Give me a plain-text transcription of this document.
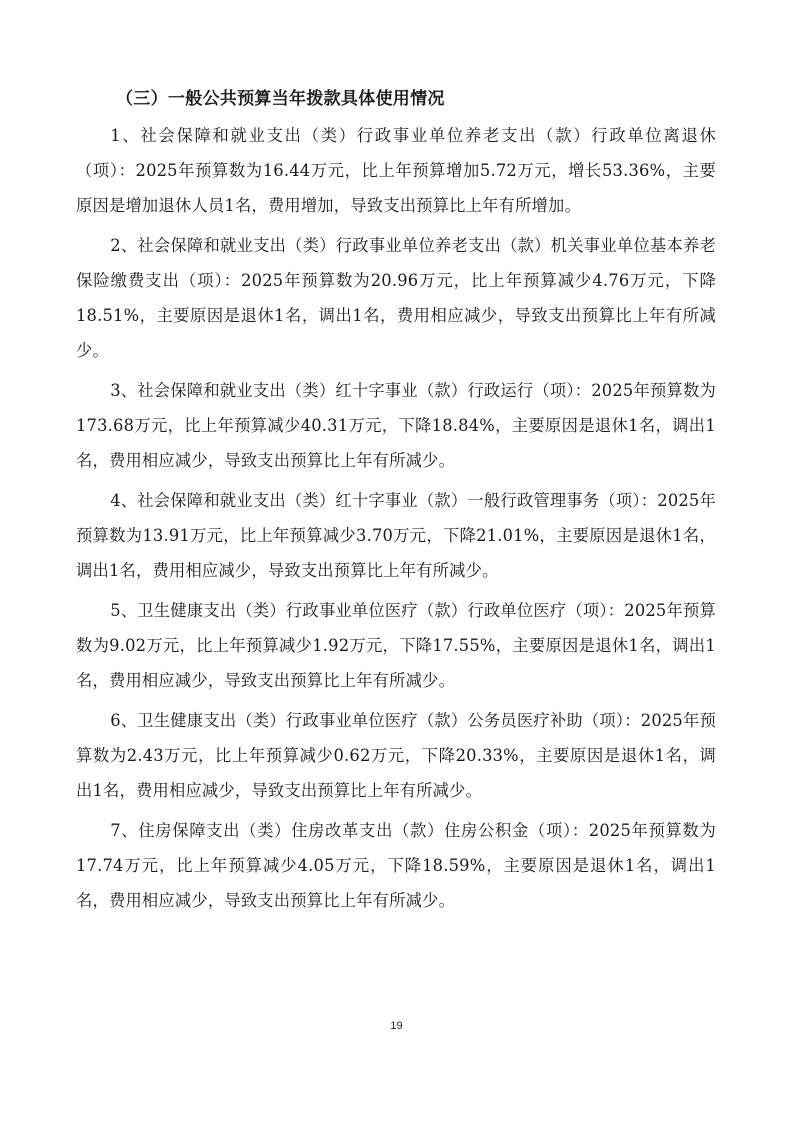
（三）一般公共预算当年拨款具体使用情况

1、社会保障和就业支出（类）行政事业单位养老支出（款）行政单位离退休（项）：2025年预算数为16.44万元，比上年预算增加5.72万元，增长53.36%，主要原因是增加退休人员1名，费用增加，导致支出预算比上年有所增加。

2、社会保障和就业支出（类）行政事业单位养老支出（款）机关事业单位基本养老保险缴费支出（项）：2025年预算数为20.96万元，比上年预算减少4.76万元，下降18.51%，主要原因是退休1名，调出1名，费用相应减少，导致支出预算比上年有所减少。

3、社会保障和就业支出（类）红十字事业（款）行政运行（项）：2025年预算数为173.68万元，比上年预算减少40.31万元，下降18.84%，主要原因是退休1名，调出1名，费用相应减少，导致支出预算比上年有所减少。

4、社会保障和就业支出（类）红十字事业（款）一般行政管理事务（项）：2025年预算数为13.91万元，比上年预算减少3.70万元，下降21.01%，主要原因是退休1名，调出1名，费用相应减少，导致支出预算比上年有所减少。

5、卫生健康支出（类）行政事业单位医疗（款）行政单位医疗（项）：2025年预算数为9.02万元，比上年预算减少1.92万元，下降17.55%，主要原因是退休1名，调出1名，费用相应减少，导致支出预算比上年有所减少。

6、卫生健康支出（类）行政事业单位医疗（款）公务员医疗补助（项）：2025年预算数为2.43万元，比上年预算减少0.62万元，下降20.33%，主要原因是退休1名，调出1名，费用相应减少，导致支出预算比上年有所减少。

7、住房保障支出（类）住房改革支出（款）住房公积金（项）：2025年预算数为17.74万元，比上年预算减少4.05万元，下降18.59%，主要原因是退休1名，调出1名，费用相应减少，导致支出预算比上年有所减少。

19
